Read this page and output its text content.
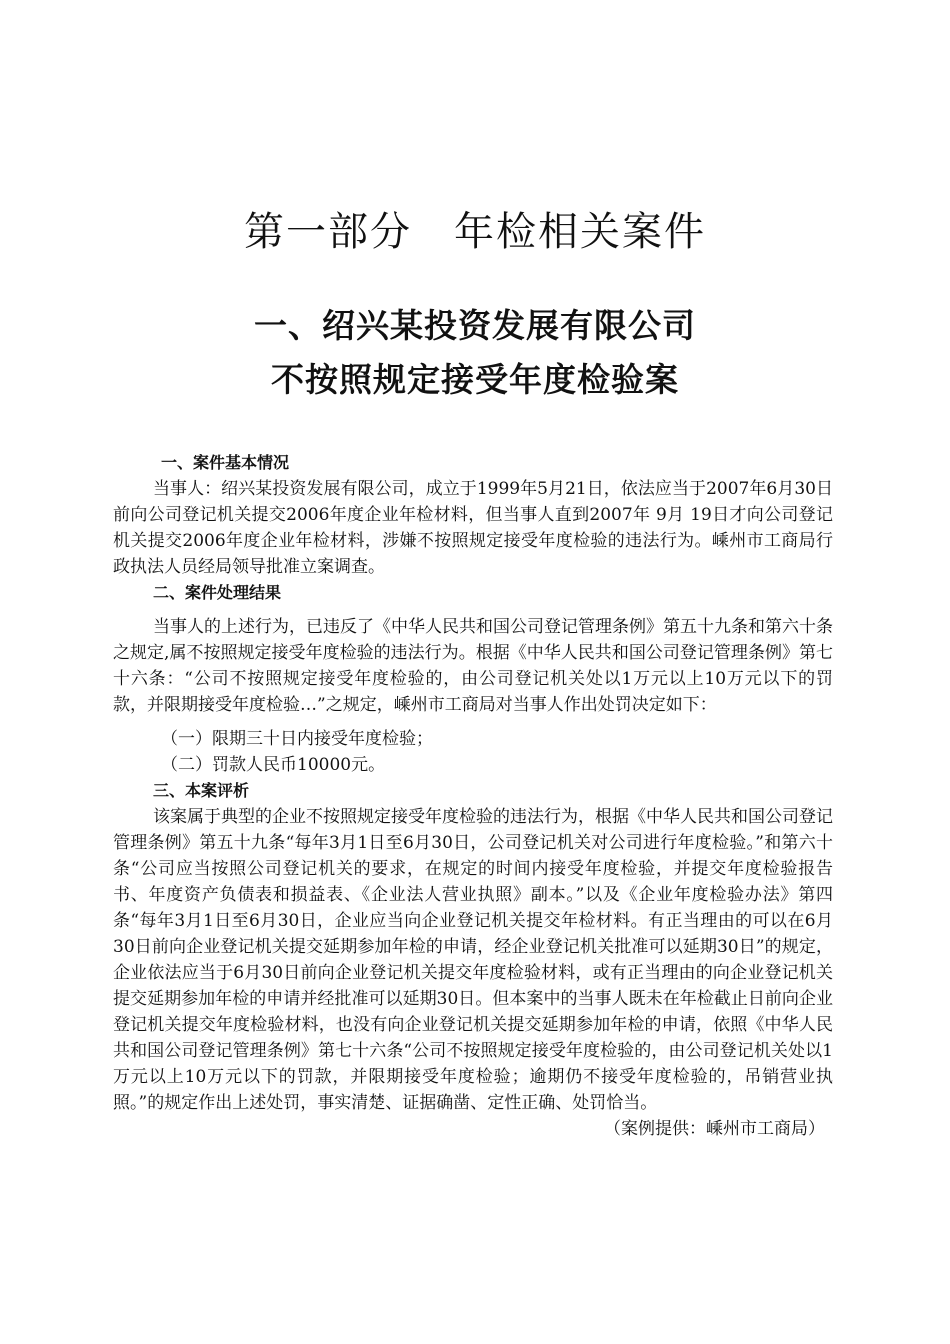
第一部分　年检相关案件
一、绍兴某投资发展有限公司
不按照规定接受年度检验案

一、案件基本情况

当事人：绍兴某投资发展有限公司，成立于1999年5月21日，依法应当于2007年6月30日前向公司登记机关提交2006年度企业年检材料，但当事人直到2007年 9月 19日才向公司登记机关提交2006年度企业年检材料，涉嫌不按照规定接受年度检验的违法行为。嵊州市工商局行政执法人员经局领导批准立案调查。

二、案件处理结果

当事人的上述行为，已违反了《中华人民共和国公司登记管理条例》第五十九条和第六十条之规定,属不按照规定接受年度检验的违法行为。根据《中华人民共和国公司登记管理条例》第七十六条：“公司不按照规定接受年度检验的，由公司登记机关处以1万元以上10万元以下的罚款，并限期接受年度检验…”之规定，嵊州市工商局对当事人作出处罚决定如下：

（一）限期三十日内接受年度检验；

（二）罚款人民币10000元。

三、本案评析

该案属于典型的企业不按照规定接受年度检验的违法行为，根据《中华人民共和国公司登记管理条例》第五十九条“每年3月1日至6月30日，公司登记机关对公司进行年度检验。”和第六十条“公司应当按照公司登记机关的要求，在规定的时间内接受年度检验，并提交年度检验报告书、年度资产负债表和损益表、《企业法人营业执照》副本。”以及《企业年度检验办法》第四条“每年3月1日至6月30日，企业应当向企业登记机关提交年检材料。有正当理由的可以在6月30日前向企业登记机关提交延期参加年检的申请，经企业登记机关批准可以延期30日”的规定，企业依法应当于6月30日前向企业登记机关提交年度检验材料，或有正当理由的向企业登记机关提交延期参加年检的申请并经批准可以延期30日。但本案中的当事人既未在年检截止日前向企业登记机关提交年度检验材料，也没有向企业登记机关提交延期参加年检的申请，依照《中华人民共和国公司登记管理条例》第七十六条“公司不按照规定接受年度检验的，由公司登记机关处以1万元以上10万元以下的罚款，并限期接受年度检验；逾期仍不接受年度检验的，吊销营业执照。”的规定作出上述处罚，事实清楚、证据确凿、定性正确、处罚恰当。

（案例提供：嵊州市工商局）
